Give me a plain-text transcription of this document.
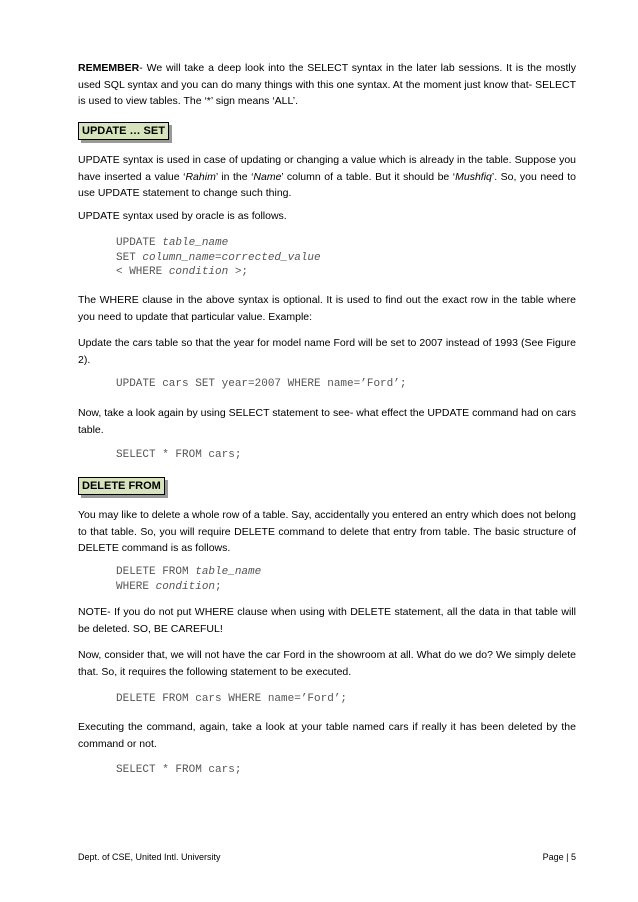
REMEMBER- We will take a deep look into the SELECT syntax in the later lab sessions. It is the mostly used SQL syntax and you can do many things with this one syntax. At the moment just know that- SELECT is used to view tables. The ‘*’ sign means ‘ALL’.

UPDATE … SET

UPDATE syntax is used in case of updating or changing a value which is already in the table. Suppose you have inserted a value ‘Rahim’ in the ‘Name’ column of a table. But it should be ‘Mushfiq’. So, you need to use UPDATE statement to change such thing.

UPDATE syntax used by oracle is as follows.

UPDATE table_name
SET column_name=corrected_value
< WHERE condition >;

The WHERE clause in the above syntax is optional. It is used to find out the exact row in the table where you need to update that particular value. Example:

Update the cars table so that the year for model name Ford will be set to 2007 instead of 1993 (See Figure 2).

UPDATE cars SET year=2007 WHERE name=’Ford’;

Now, take a look again by using SELECT statement to see- what effect the UPDATE command had on cars table.

SELECT * FROM cars;
DELETE FROM

You may like to delete a whole row of a table. Say, accidentally you entered an entry which does not belong to that table. So, you will require DELETE command to delete that entry from table. The basic structure of DELETE command is as follows.

DELETE FROM table_name
WHERE condition;

NOTE- If you do not put WHERE clause when using with DELETE statement, all the data in that table will be deleted. SO, BE CAREFUL!

Now, consider that, we will not have the car Ford in the showroom at all. What do we do? We simply delete that. So, it requires the following statement to be executed.

DELETE FROM cars WHERE name=’Ford’;

Executing the command, again, take a look at your table named cars if really it has been deleted by the command or not.

SELECT * FROM cars;
Dept. of CSE, United Intl. University	Page | 5
